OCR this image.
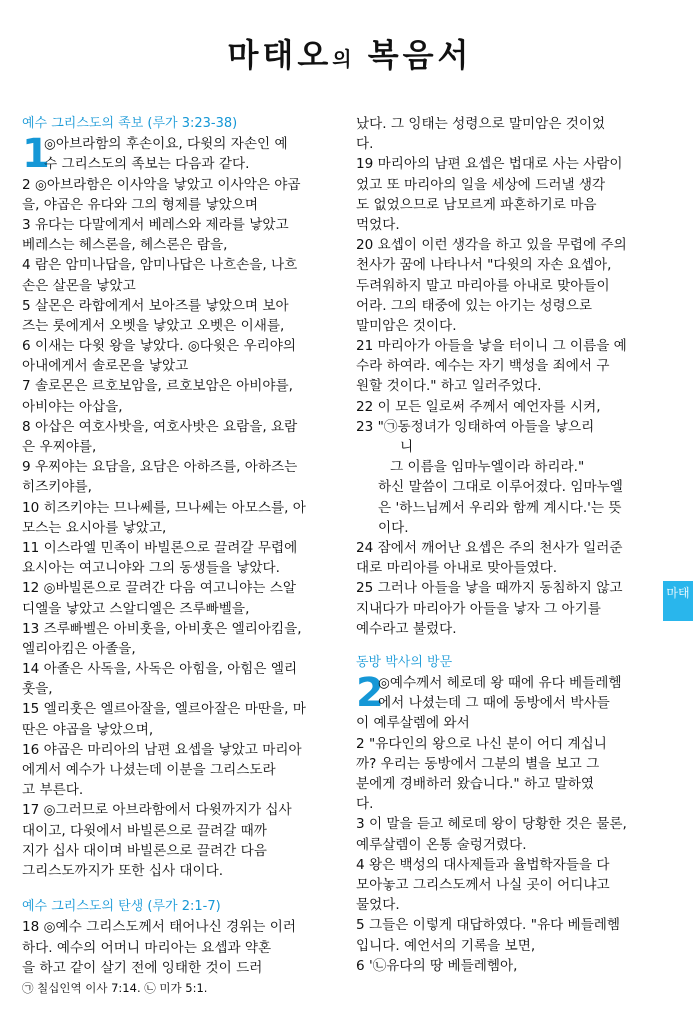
마태오의 복음서
예수 그리스도의 족보 (루가 3:23-38)
1
◎아브라함의 후손이요, 다윗의 자손인 예
수 그리스도의 족보는 다음과 같다.
2 ◎아브라함은 이사악을 낳았고 이사악은 야곱
을, 야곱은 유다와 그의 형제를 낳았으며
3 유다는 다말에게서 베레스와 제라를 낳았고
베레스는 헤스론을, 헤스론은 람을,
4 람은 암미나답을, 암미나답은 나흐손을, 나흐
손은 살몬을 낳았고
5 살몬은 라합에게서 보아즈를 낳았으며 보아
즈는 룻에게서 오벳을 낳았고 오벳은 이새를,
6 이새는 다윗 왕을 낳았다. ◎다윗은 우리야의
아내에게서 솔로몬을 낳았고
7 솔로몬은 르호보암을, 르호보암은 아비야를,
아비야는 아삽을,
8 아삽은 여호사밧을, 여호사밧은 요람을, 요람
은 우찌야를,
9 우찌야는 요담을, 요담은 아하즈를, 아하즈는
히즈키야를,
10 히즈키야는 므나쎄를, 므나쎄는 아모스를, 아
모스는 요시아를 낳았고,
11 이스라엘 민족이 바빌론으로 끌려갈 무렵에
요시아는 여고니야와 그의 동생들을 낳았다.
12 ◎바빌론으로 끌려간 다음 여고니야는 스알
디엘을 낳았고 스알디엘은 즈루빠벨을,
13 즈루빠벨은 아비훗을, 아비훗은 엘리아킴을,
엘리아킴은 아졸을,
14 아졸은 사독을, 사독은 아힘을, 아힘은 엘리
훗을,
15 엘리훗은 엘르아잘을, 엘르아잘은 마딴을, 마
딴은 야곱을 낳았으며,
16 야곱은 마리아의 남편 요셉을 낳았고 마리아
에게서 예수가 나셨는데 이분을 그리스도라
고 부른다.
17 ◎그러므로 아브라함에서 다윗까지가 십사
대이고, 다윗에서 바빌론으로 끌려갈 때까
지가 십사 대이며 바빌론으로 끌려간 다음
그리스도까지가 또한 십사 대이다.
예수 그리스도의 탄생 (루가 2:1-7)
18 ◎예수 그리스도께서 태어나신 경위는 이러
하다. 예수의 어머니 마리아는 요셉과 약혼
을 하고 같이 살기 전에 잉태한 것이 드러
㉠ 칠십인역 이사 7:14. ㉡ 미가 5:1.
났다. 그 잉태는 성령으로 말미암은 것이었
다.
19 마리아의 남편 요셉은 법대로 사는 사람이
었고 또 마리아의 일을 세상에 드러낼 생각
도 없었으므로 남모르게 파혼하기로 마음
먹었다.
20 요셉이 이런 생각을 하고 있을 무렵에 주의
천사가 꿈에 나타나서 "다윗의 자손 요셉아,
두려워하지 말고 마리아를 아내로 맞아들이
어라. 그의 태중에 있는 아기는 성령으로
말미암은 것이다.
21 마리아가 아들을 낳을 터이니 그 이름을 예
수라 하여라. 예수는 자기 백성을 죄에서 구
원할 것이다." 하고 일러주었다.
22 이 모든 일로써 주께서 예언자를 시켜,
23 "㉠동정녀가 잉태하여 아들을 낳으리
니
그 이름을 임마누엘이라 하리라."
하신 말씀이 그대로 이루어졌다. 임마누엘
은 '하느님께서 우리와 함께 계시다.'는 뜻
이다.
24 잠에서 깨어난 요셉은 주의 천사가 일러준
대로 마리아를 아내로 맞아들였다.
25 그러나 아들을 낳을 때까지 동침하지 않고
지내다가 마리아가 아들을 낳자 그 아기를
예수라고 불렀다.
동방 박사의 방문
2
◎예수께서 헤로데 왕 때에 유다 베들레헴
에서 나셨는데 그 때에 동방에서 박사들
이 예루살렘에 와서
2 "유다인의 왕으로 나신 분이 어디 계십니
까? 우리는 동방에서 그분의 별을 보고 그
분에게 경배하러 왔습니다." 하고 말하였
다.
3 이 말을 듣고 헤로데 왕이 당황한 것은 물론,
예루살렘이 온통 술렁거렸다.
4 왕은 백성의 대사제들과 율법학자들을 다
모아놓고 그리스도께서 나실 곳이 어디냐고
물었다.
5 그들은 이렇게 대답하였다. "유다 베들레헴
입니다. 예언서의 기록을 보면,
6 '㉡유다의 땅 베들레헴아,
마태
